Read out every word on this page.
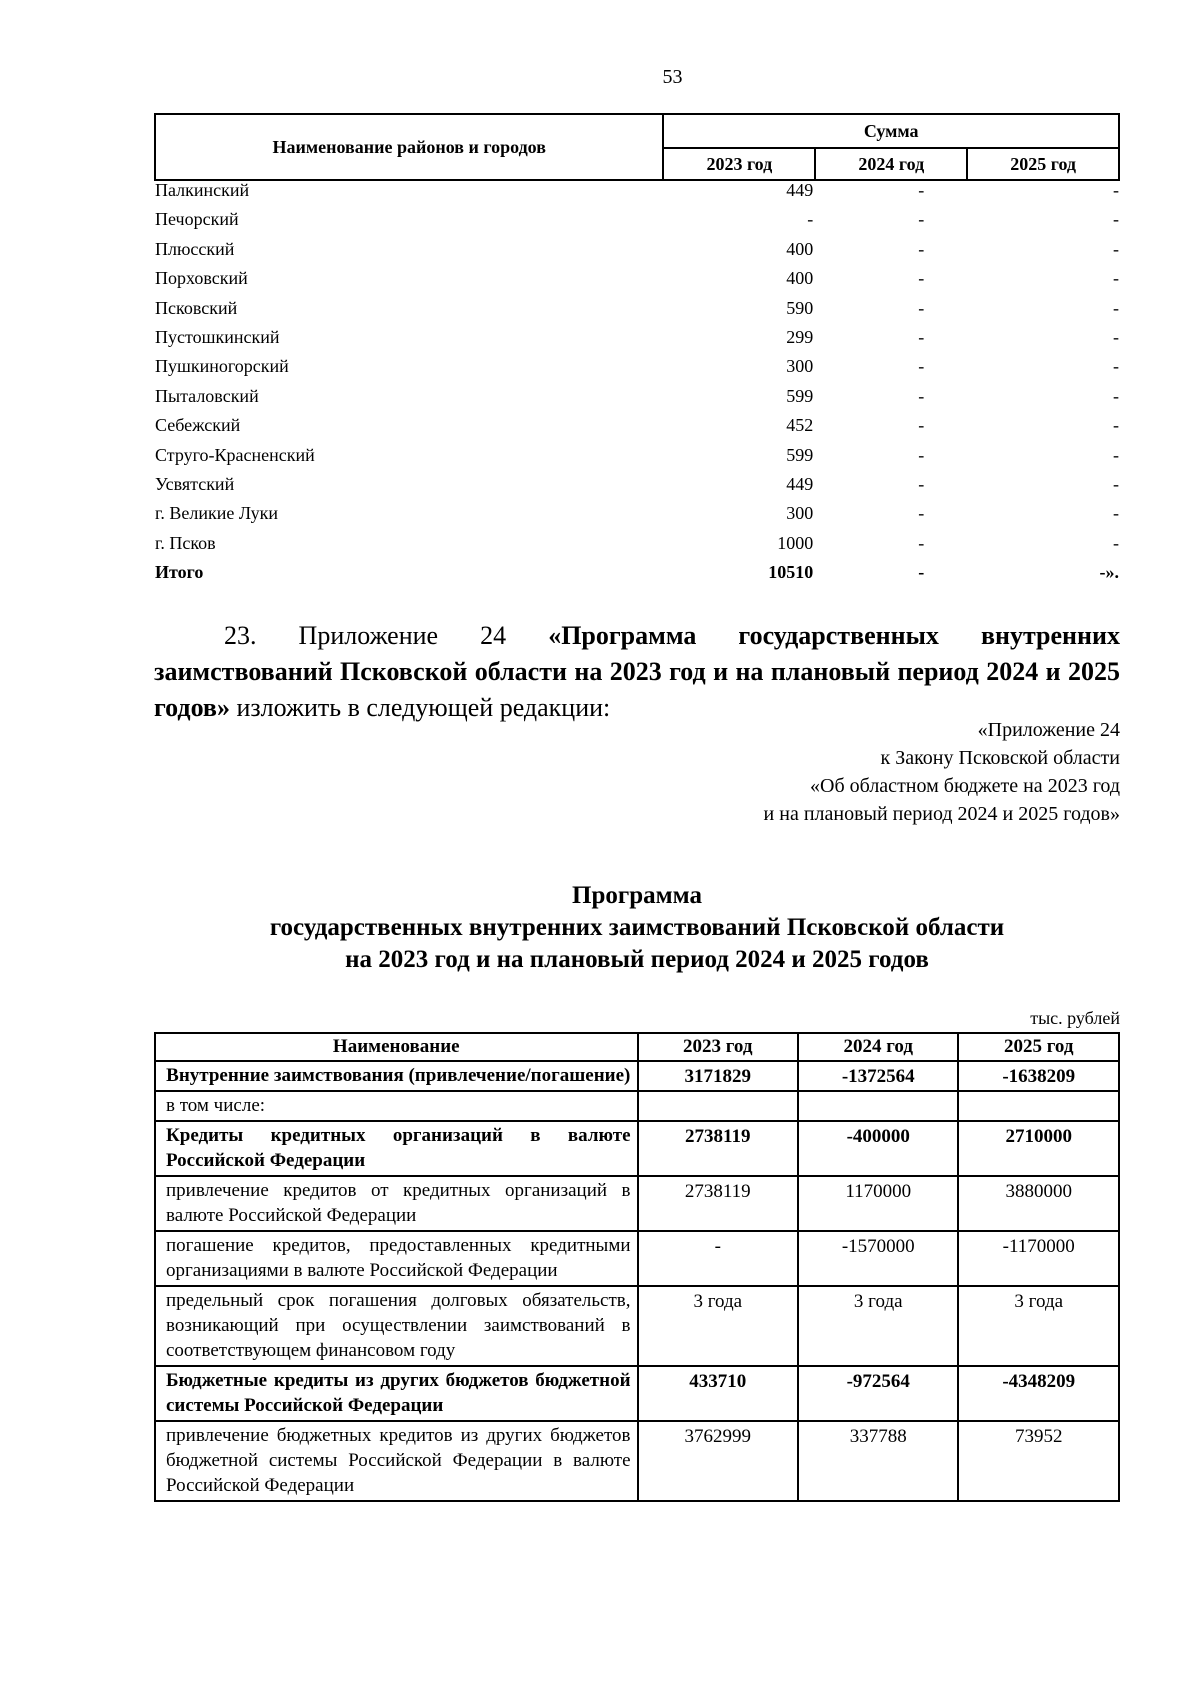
53
Наименование районов и городов	Сумма		
	2023 год	2024 год	2025 год
Палкинский	449	-	-
Печорский	-	-	-
Плюсский	400	-	-
Порховский	400	-	-
Псковский	590	-	-
Пустошкинский	299	-	-
Пушкиногорский	300	-	-
Пыталовский	599	-	-
Себежский	452	-	-
Струго-Красненский	599	-	-
Усвятский	449	-	-
г. Великие Луки	300	-	-
г. Псков	1000	-	-
Итого	10510	-	-».
23. Приложение 24 «Программа государственных внутренних заимствований Псковской области на 2023 год и на плановый период 2024 и 2025 годов» изложить в следующей редакции:
«Приложение 24
к Закону Псковской области
«Об областном бюджете на 2023 год
и на плановый период 2024 и 2025 годов»
Программа
государственных внутренних заимствований Псковской области
на 2023 год и на плановый период 2024 и 2025 годов
тыс. рублей
Наименование	2023 год	2024 год	2025 год
Внутренние заимствования (привлечение/погашение)	3171829	-1372564	-1638209
в том числе:			
Кредиты кредитных организаций в валюте Российской Федерации	2738119	-400000	2710000
привлечение кредитов от кредитных организаций в валюте Российской Федерации	2738119	1170000	3880000
погашение кредитов, предоставленных кредитными организациями в валюте Российской Федерации	-	-1570000	-1170000
предельный срок погашения долговых обязательств, возникающий при осуществлении заимствований в соответствующем финансовом году	3 года	3 года	3 года
Бюджетные кредиты из других бюджетов бюджетной системы Российской Федерации	433710	-972564	-4348209
привлечение бюджетных кредитов из других бюджетов бюджетной системы Российской Федерации в валюте Российской Федерации	3762999	337788	73952
